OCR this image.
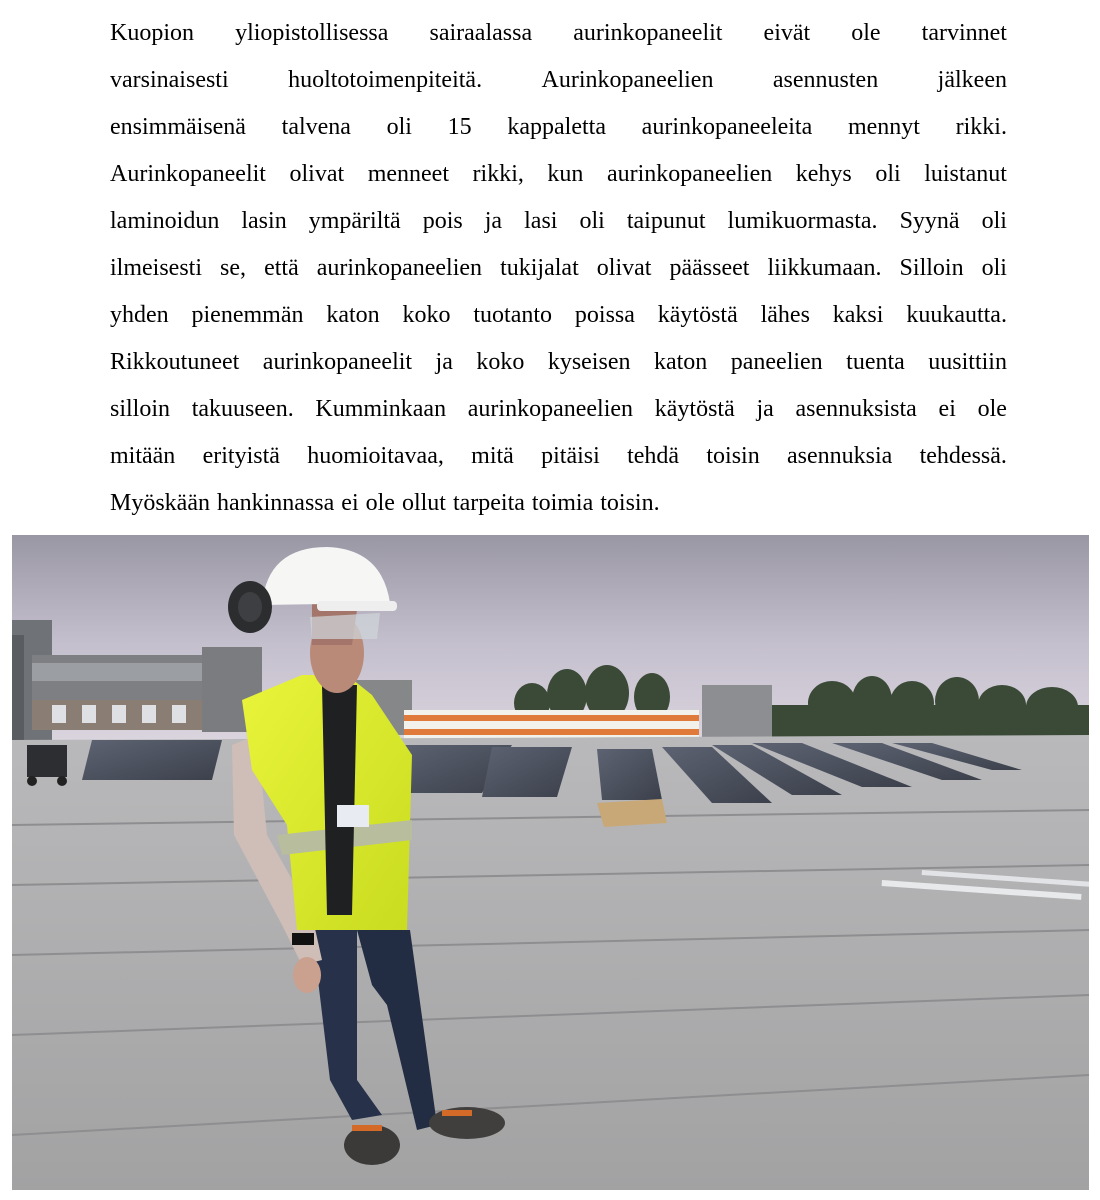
Kuopion yliopistollisessa sairaalassa aurinkopaneelit eivät ole tarvinnet
varsinaisesti huoltotoimenpiteitä. Aurinkopaneelien asennusten jälkeen
ensimmäisenä talvena oli 15 kappaletta aurinkopaneeleita mennyt rikki.
Aurinkopaneelit olivat menneet rikki, kun aurinkopaneelien kehys oli luistanut
laminoidun lasin ympäriltä pois ja lasi oli taipunut lumikuormasta. Syynä oli
ilmeisesti se, että aurinkopaneelien tukijalat olivat päässeet liikkumaan. Silloin oli
yhden pienemmän katon koko tuotanto poissa käytöstä lähes kaksi kuukautta.
Rikkoutuneet aurinkopaneelit ja koko kyseisen katon paneelien tuenta uusittiin
silloin takuuseen. Kumminkaan aurinkopaneelien käytöstä ja asennuksista ei ole
mitään erityistä huomioitavaa, mitä pitäisi tehdä toisin asennuksia tehdessä.
Myöskään hankinnassa ei ole ollut tarpeita toimia toisin.
